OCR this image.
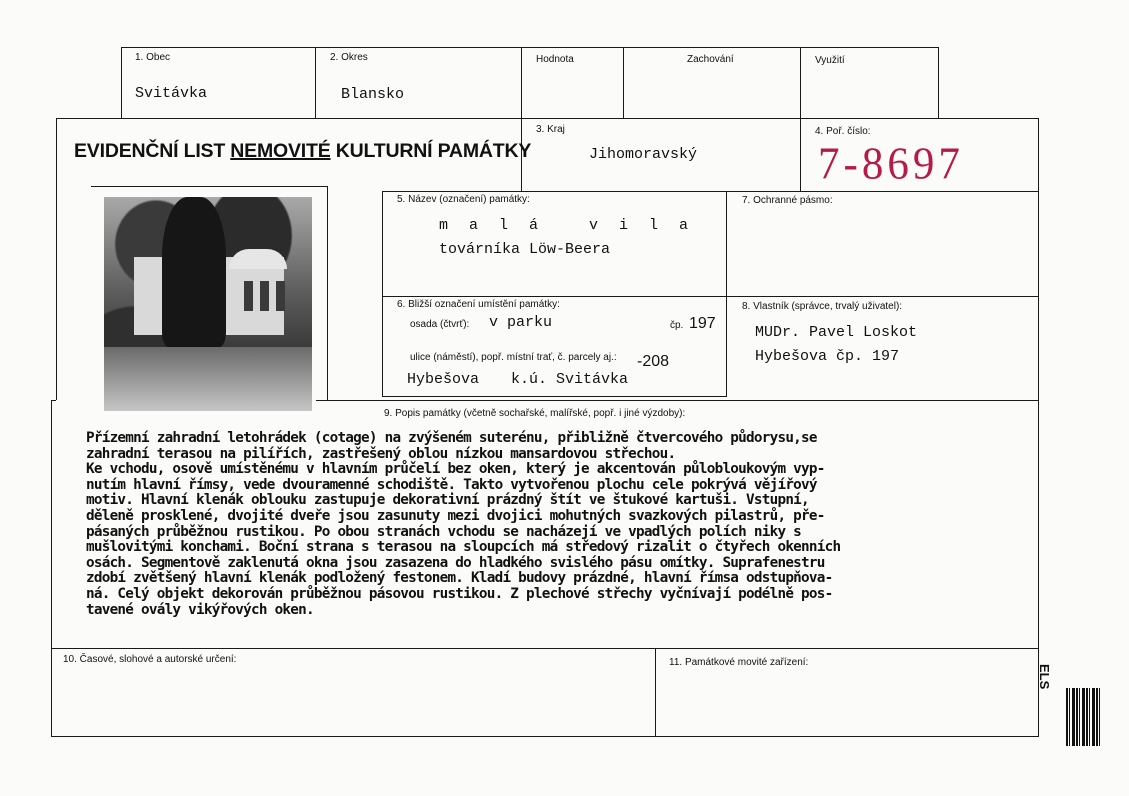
1. Obec
Svitávka
2. Okres
Blansko
Hodnota	Zachování	Využití
EVIDENČNÍ LIST NEMOVITÉ KULTURNÍ PAMÁTKY
3. Kraj
Jihomoravský
4. Poř. číslo:
7-8697
5. Název (označení) památky:
m a l á   v i l a
továrníka Löw-Beera
7. Ochranné pásmo:
6. Bližší označení umístění památky:
osada (čtvrť): v parku	čp. 197
ulice (náměstí), popř. místní trať, č. parcely aj.: -208
Hybešova k.ú. Svitávka
8. Vlastník (správce, trvalý uživatel):
MUDr. Pavel Loskot
Hybešova čp. 197
9. Popis památky (včetně sochařské, malířské, popř. i jiné výzdoby):
Přízemní zahradní letohrádek (cotage) na zvýšeném suterénu, přibližně čtvercového půdorysu,se
zahradní terasou na pilířích, zastřešený oblou nízkou mansardovou střechou.
Ke vchodu, osově umístěnému v hlavním průčelí bez oken, který je akcentován půlobloukovým vyp-
nutím hlavní římsy, vede dvouramenné schodiště. Takto vytvořenou plochu cele pokrývá vějířový
motiv. Hlavní klenák oblouku zastupuje dekorativní prázdný štít ve štukové kartuši. Vstupní,
děleně prosklené, dvojité dveře jsou zasunuty mezi dvojici mohutných svazkových pilastrů, pře-
pásaných průběžnou rustikou. Po obou stranách vchodu se nacházejí ve vpadlých polích niky s
mušlovitými konchami. Boční strana s terasou na sloupcích má středový rizalit o čtyřech okenních
osách. Segmentově zaklenutá okna jsou zasazena do hladkého svislého pásu omítky. Suprafenestru
zdobí zvětšený hlavní klenák podložený festonem. Kladí budovy prázdné, hlavní římsa odstupňova-
ná. Celý objekt dekorován průběžnou pásovou rustikou. Z plechové střechy vyčnívají podélně pos-
tavené ovály vikýřových oken.
10. Časové, slohové a autorské určení:	11. Památkové movité zařízení:
ELS
